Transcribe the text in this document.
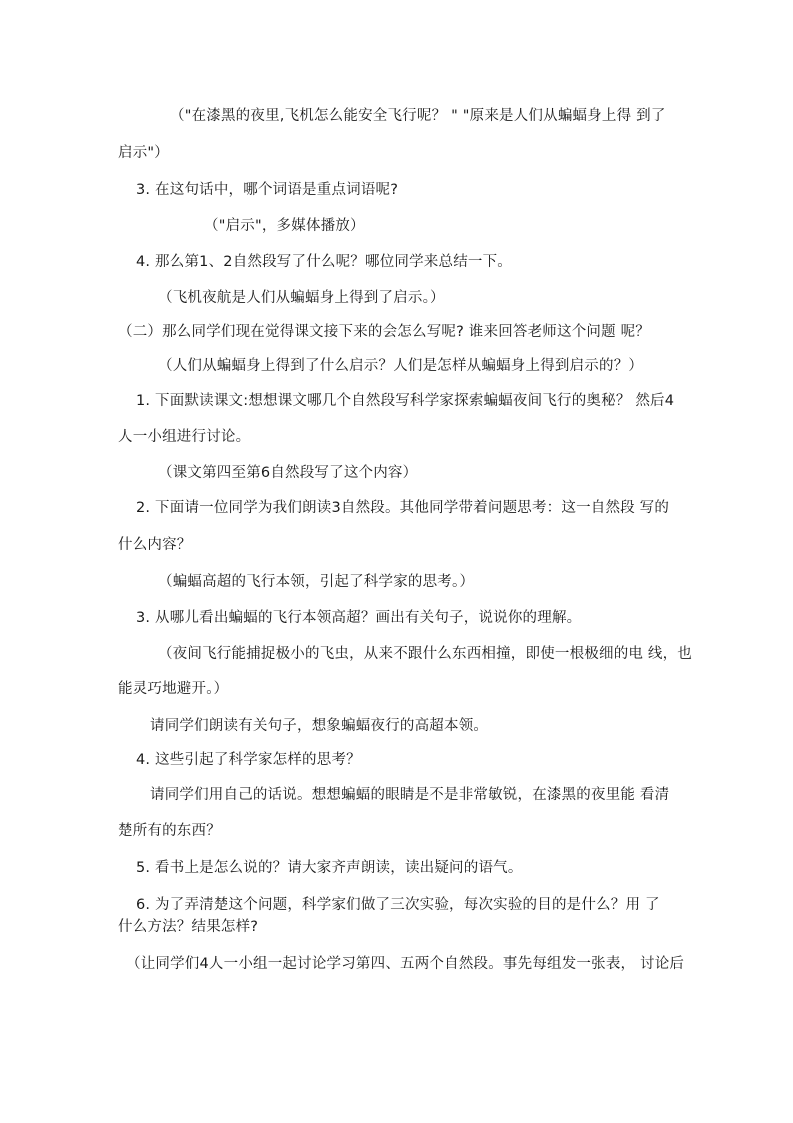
（"在漆黑的夜里,飞机怎么能安全飞行呢？ " "原来是人们从蝙蝠身上得 到了
启示"）
3. 在这句话中，哪个词语是重点词语呢?
（"启示"，多媒体播放）
4. 那么第1、2自然段写了什么呢？哪位同学来总结一下。
（飞机夜航是人们从蝙蝠身上得到了启示。）
（二）那么同学们现在觉得课文接下来的会怎么写呢? 谁来回答老师这个问题 呢？
（人们从蝙蝠身上得到了什么启示？人们是怎样从蝙蝠身上得到启示的？）
1. 下面默读课文:想想课文哪几个自然段写科学家探索蝙蝠夜间飞行的奥秘？ 然后4
人一小组进行讨论。
（课文第四至第6自然段写了这个内容）
2. 下面请一位同学为我们朗读3自然段。其他同学带着问题思考：这一自然段 写的
什么内容？
（蝙蝠高超的飞行本领，引起了科学家的思考。）
3. 从哪儿看出蝙蝠的飞行本领高超？画出有关句子，说说你的理解。
（夜间飞行能捕捉极小的飞虫，从来不跟什么东西相撞，即使一根极细的电 线，也
能灵巧地避开。）
请同学们朗读有关句子，想象蝙蝠夜行的高超本领。
4. 这些引起了科学家怎样的思考？
请同学们用自己的话说。想想蝙蝠的眼睛是不是非常敏锐，在漆黑的夜里能 看清
楚所有的东西？
5. 看书上是怎么说的？请大家齐声朗读，读出疑问的语气。
6. 为了弄清楚这个问题，科学家们做了三次实验，每次实验的目的是什么？用 了
什么方法？结果怎样?
（让同学们4人一小组一起讨论学习第四、五两个自然段。事先每组发一张表， 讨论后
